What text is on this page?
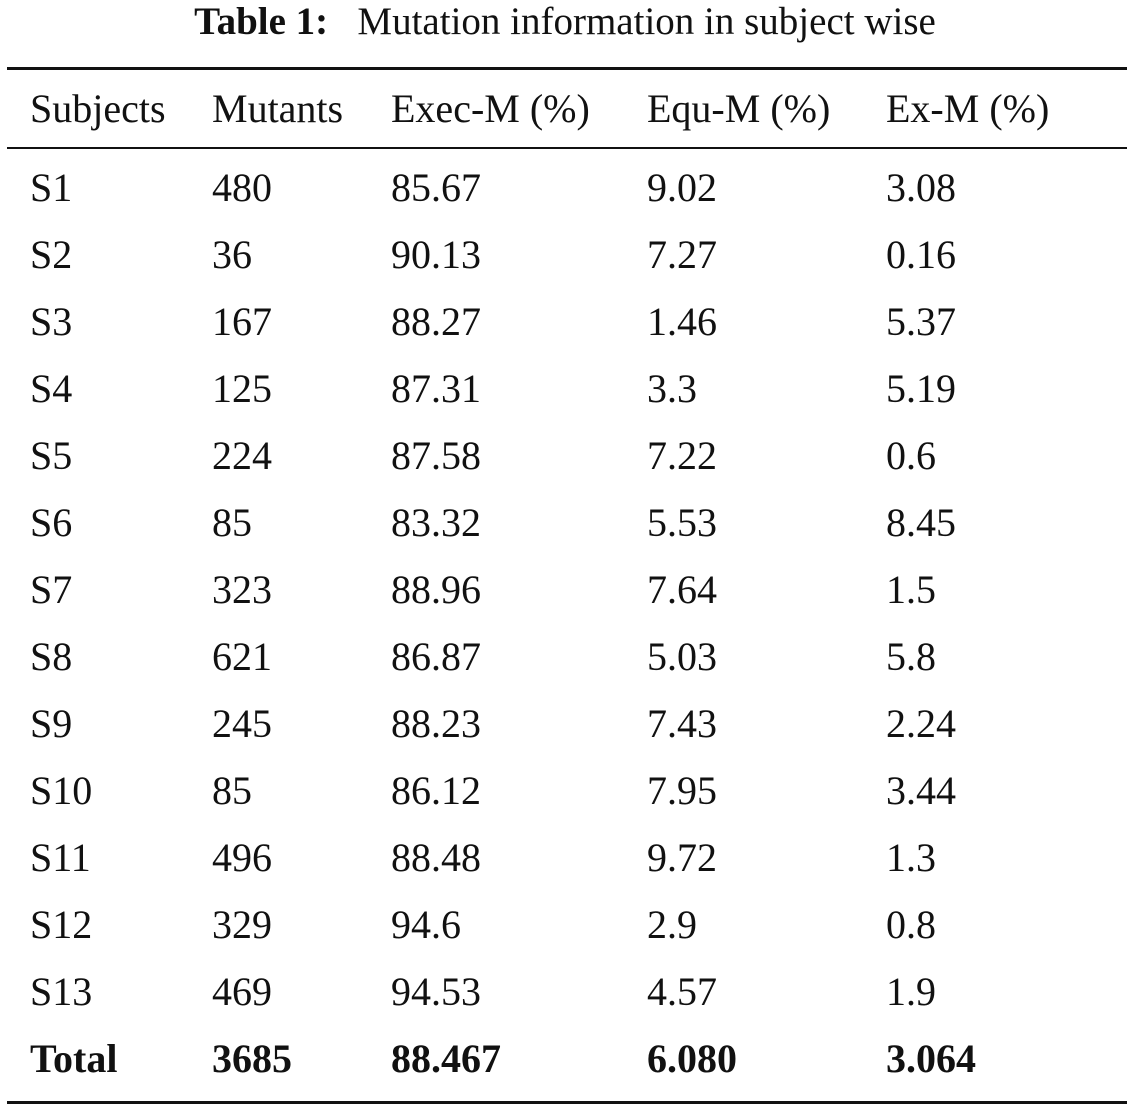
Table 1: Mutation information in subject wise
Subjects Mutants Exec-M (%) Equ-M (%) Ex-M (%)
S1	480	85.67	9.02	3.08
S2	36	90.13	7.27	0.16
S3	167	88.27	1.46	5.37
S4	125	87.31	3.3	5.19
S5	224	87.58	7.22	0.6
S6	85	83.32	5.53	8.45
S7	323	88.96	7.64	1.5
S8	621	86.87	5.03	5.8
S9	245	88.23	7.43	2.24
S10	85	86.12	7.95	3.44
S11	496	88.48	9.72	1.3
S12	329	94.6	2.9	0.8
S13	469	94.53	4.57	1.9
Total 3685 88.467	6.080	3.064
